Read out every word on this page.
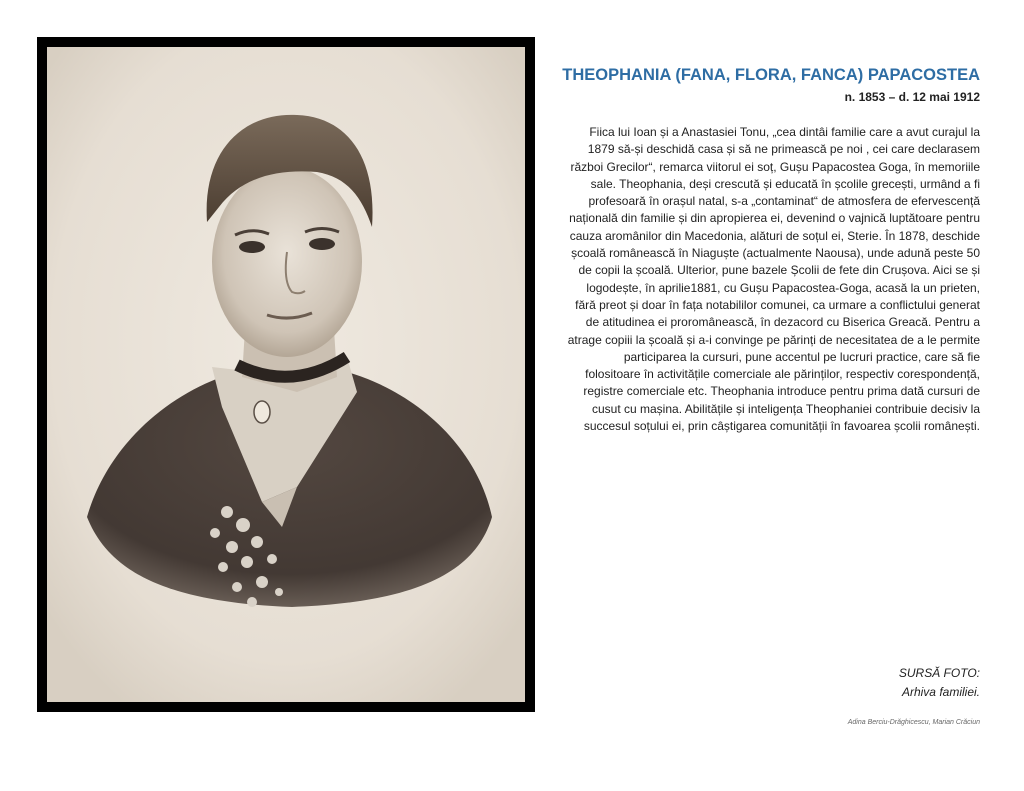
THEOPHANIA (FANA, FLORA, FANCA) PAPACOSTEA
n. 1853 – d. 12 mai 1912

Fiica lui Ioan și a Anastasiei Tonu, „cea dintâi familie care a avut curajul la 1879 să-și deschidă casa și să ne primească pe noi , cei care declarasem război Grecilor“, remarca viitorul ei soț, Gușu Papacostea Goga, în memoriile sale. Theophania, deși crescută și educată în școlile grecești, urmând a fi profesoară în orașul natal, s-a „contaminat“ de atmosfera de efervescență națională din familie și din apropierea ei, devenind o vajnică luptătoare pentru cauza aromânilor din Macedonia, alături de soțul ei, Sterie. În 1878, deschide școală românească în Niaguște (actualmente Naousa), unde adună peste 50 de copii la școală. Ulterior, pune bazele Școlii de fete din Crușova. Aici se și logodește, în aprilie1881, cu Gușu Papacostea-Goga, acasă la un prieten, fără preot și doar în fața notabililor comunei, ca urmare a conflictului generat de atitudinea ei proromânească, în dezacord cu Biserica Greacă. Pentru a atrage copiii la școală și a-i convinge pe părinți de necesitatea de a le permite participarea la cursuri, pune accentul pe lucruri practice, care să fie folositoare în activitățile comerciale ale părinților, respectiv corespondență, registre comerciale etc. Theophania introduce pentru prima dată cursuri de cusut cu mașina. Abilitățile și inteligența Theophaniei contribuie decisiv la succesul soțului ei, prin câștigarea comunității în favoarea școlii românești.

SURSĂ FOTO:
Arhiva familiei.
Adina Berciu-Drăghicescu, Marian Crăciun
